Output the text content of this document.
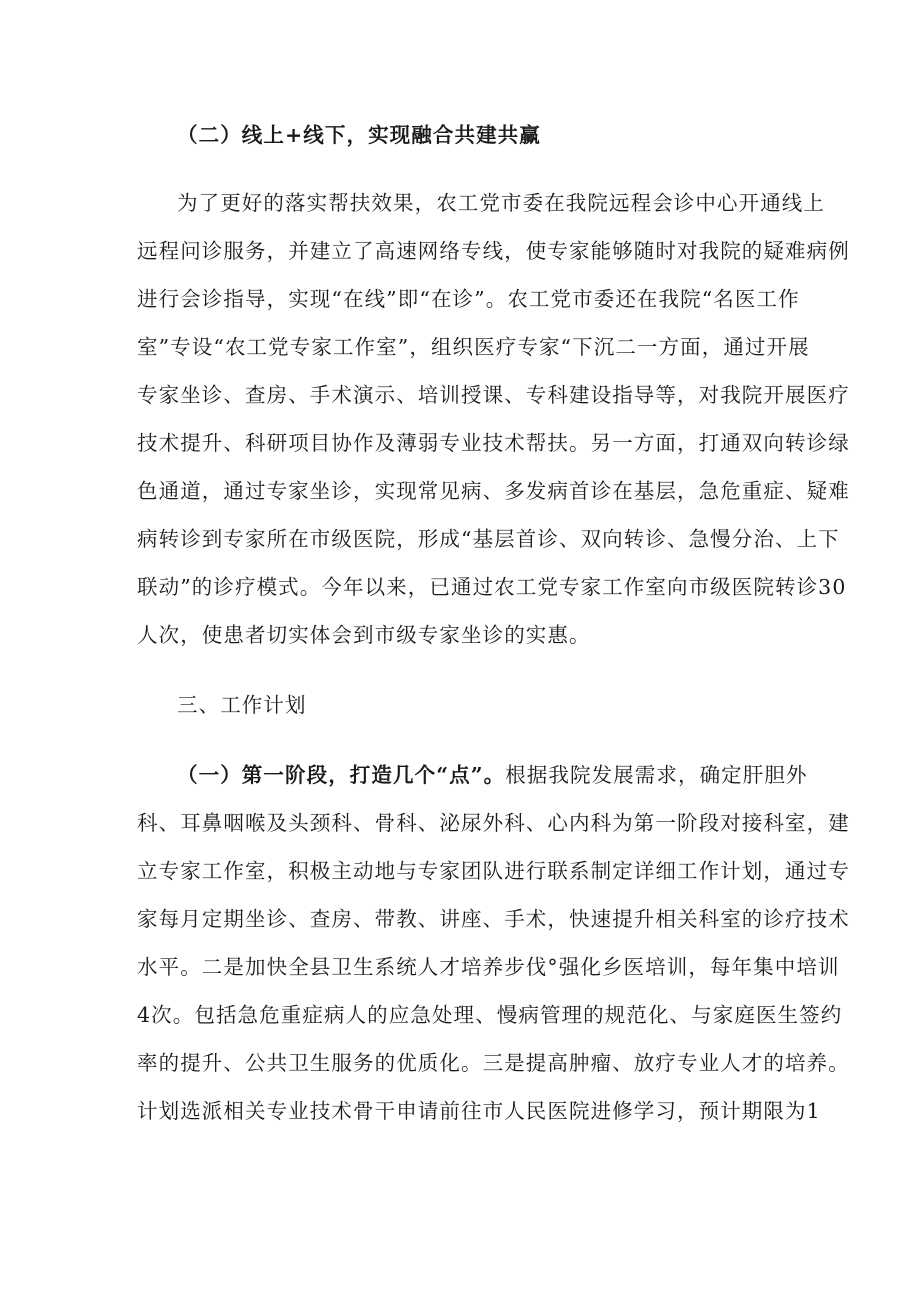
（二）线上+线下，实现融合共建共赢
为了更好的落实帮扶效果，农工党市委在我院远程会诊中心开通线上
远程问诊服务，并建立了高速网络专线，使专家能够随时对我院的疑难病例
进行会诊指导，实现“在线”即“在诊”。农工党市委还在我院“名医工作
室”专设“农工党专家工作室”，组织医疗专家“下沉二一方面，通过开展
专家坐诊、查房、手术演示、培训授课、专科建设指导等，对我院开展医疗
技术提升、科研项目协作及薄弱专业技术帮扶。另一方面，打通双向转诊绿
色通道，通过专家坐诊，实现常见病、多发病首诊在基层，急危重症、疑难
病转诊到专家所在市级医院，形成“基层首诊、双向转诊、急慢分治、上下
联动”的诊疗模式。今年以来，已通过农工党专家工作室向市级医院转诊30
人次，使患者切实体会到市级专家坐诊的实惠。
三、工作计划
（一）第一阶段，打造几个“点”。根据我院发展需求，确定肝胆外
科、耳鼻咽喉及头颈科、骨科、泌尿外科、心内科为第一阶段对接科室，建
立专家工作室，积极主动地与专家团队进行联系制定详细工作计划，通过专
家每月定期坐诊、查房、带教、讲座、手术，快速提升相关科室的诊疗技术
水平。二是加快全县卫生系统人才培养步伐°强化乡医培训，每年集中培训
4次。包括急危重症病人的应急处理、慢病管理的规范化、与家庭医生签约
率的提升、公共卫生服务的优质化。三是提高肿瘤、放疗专业人才的培养。
计划选派相关专业技术骨干申请前往市人民医院进修学习，预计期限为1
